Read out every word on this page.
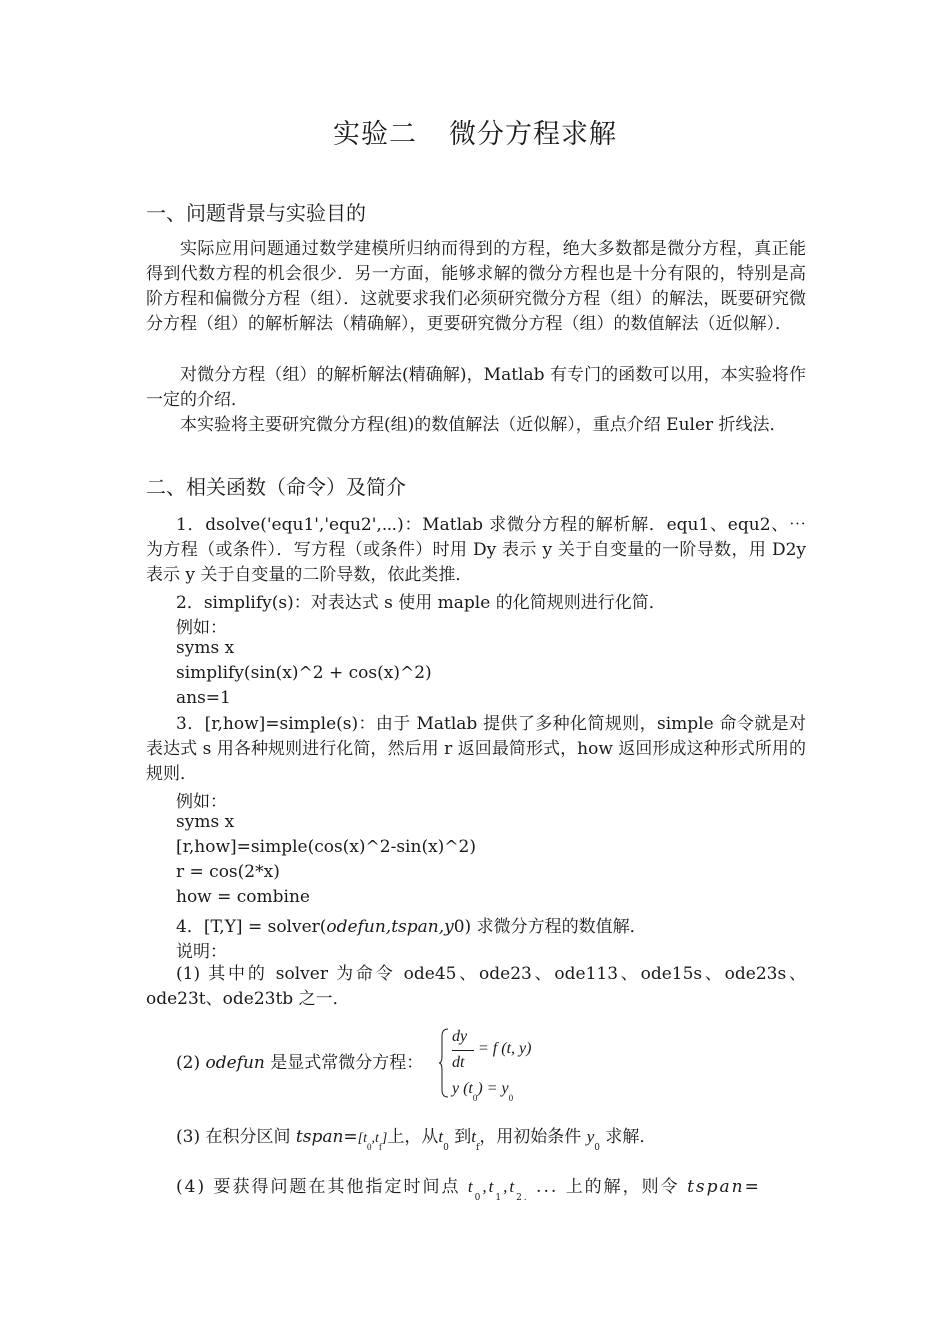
实验二 微分方程求解
一、问题背景与实验目的

实际应用问题通过数学建模所归纳而得到的方程，绝大多数都是微分方程，真正能得到代数方程的机会很少．另一方面，能够求解的微分方程也是十分有限的，特别是高阶方程和偏微分方程（组）．这就要求我们必须研究微分方程（组）的解法，既要研究微分方程（组）的解析解法（精确解），更要研究微分方程（组）的数值解法（近似解）．

对微分方程（组）的解析解法(精确解)，Matlab 有专门的函数可以用，本实验将作一定的介绍．

本实验将主要研究微分方程(组)的数值解法（近似解），重点介绍 Euler 折线法．

二、相关函数（命令）及简介

1．dsolve('equ1','equ2',⋯)：Matlab 求微分方程的解析解．equ1、equ2、⋯为方程（或条件）．写方程（或条件）时用 Dy 表示 y 关于自变量的一阶导数，用 D2y 表示 y 关于自变量的二阶导数，依此类推．

2．simplify(s)：对表达式 s 使用 maple 的化简规则进行化简．
例如：
syms x
simplify(sin(x)^2 + cos(x)^2)
ans=1

3．[r,how]=simple(s)：由于 Matlab 提供了多种化简规则，simple 命令就是对表达式 s 用各种规则进行化简，然后用 r 返回最简形式，how 返回形成这种形式所用的规则．

例如：
syms x
[r,how]=simple(cos(x)^2-sin(x)^2)
r = cos(2*x)
how = combine
4．[T,Y] = solver(odefun,tspan,y0) 求微分方程的数值解．
说明：

(1) 其中的 solver 为命令 ode45、ode23、ode113、ode15s、ode23s、ode23t、ode23tb 之一．

(2) odefun 是显式常微分方程：
dy
dt
= f (t, y)
y $(t_0) = y_0$
(3) 在积分区间 $tspan=[t_0,t_f]$上，从$t_0$ 到$t_f$，用初始条件 $y_0$ 求解．
(4) 要获得问题在其他指定时间点 $t_0,t_1,t_{2.}$ ... 上的解，则令 tspan=
